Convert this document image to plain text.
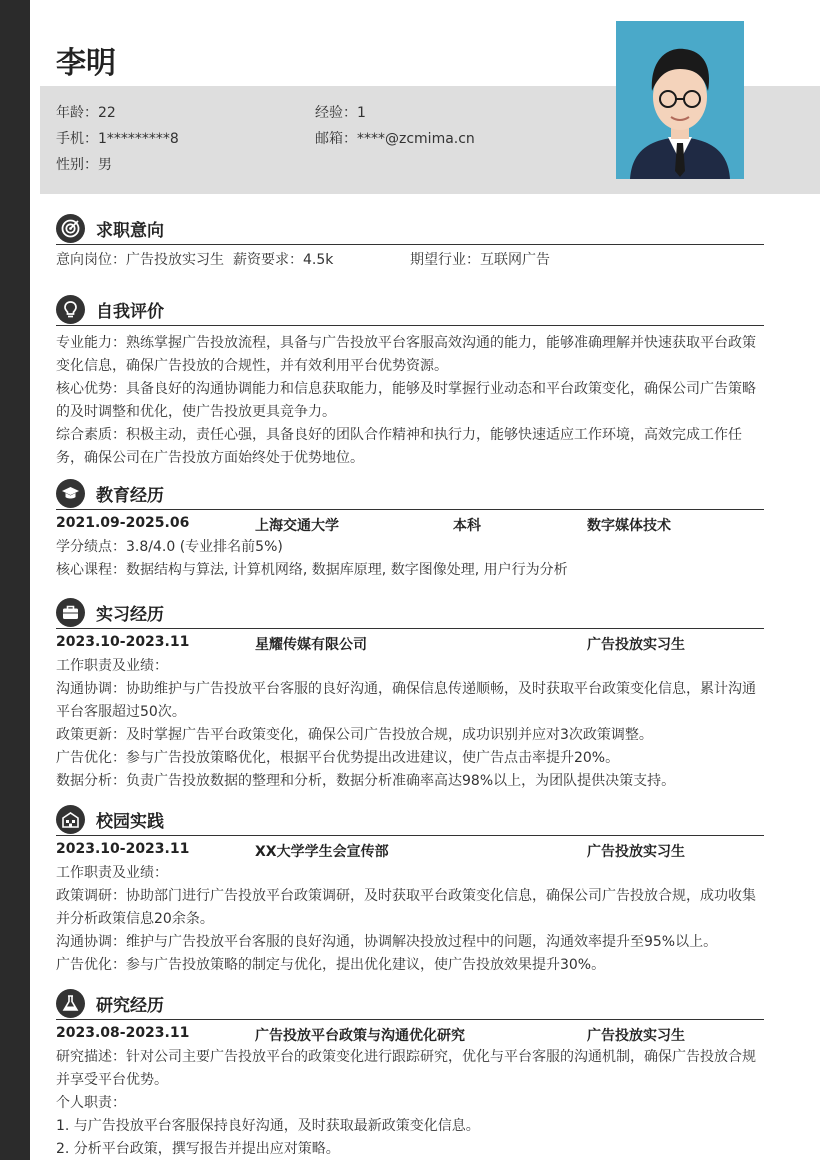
李明
年龄：22	经验：1
手机：1*********8	邮箱：****@zcmima.cn
性别：男
求职意向
意向岗位：广告投放实习生 薪资要求：4.5k	期望行业：互联网广告
自我评价
专业能力：熟练掌握广告投放流程，具备与广告投放平台客服高效沟通的能力，能够准确理解并快速获取平台政策变化信息，确保广告投放的合规性，并有效利用平台优势资源。
核心优势：具备良好的沟通协调能力和信息获取能力，能够及时掌握行业动态和平台政策变化，确保公司广告策略的及时调整和优化，使广告投放更具竞争力。
综合素质：积极主动，责任心强，具备良好的团队合作精神和执行力，能够快速适应工作环境，高效完成工作任务，确保公司在广告投放方面始终处于优势地位。
教育经历
2021.09-2025.06	上海交通大学	本科	数字媒体技术
学分绩点：3.8/4.0 (专业排名前5%)
核心课程：数据结构与算法, 计算机网络, 数据库原理, 数字图像处理, 用户行为分析
实习经历
2023.10-2023.11	星耀传媒有限公司	广告投放实习生
工作职责及业绩：
沟通协调：协助维护与广告投放平台客服的良好沟通，确保信息传递顺畅，及时获取平台政策变化信息，累计沟通平台客服超过50次。
政策更新：及时掌握广告平台政策变化，确保公司广告投放合规，成功识别并应对3次政策调整。
广告优化：参与广告投放策略优化，根据平台优势提出改进建议，使广告点击率提升20%。
数据分析：负责广告投放数据的整理和分析，数据分析准确率高达98%以上，为团队提供决策支持。
校园实践
2023.10-2023.11	XX大学学生会宣传部	广告投放实习生
工作职责及业绩：
政策调研：协助部门进行广告投放平台政策调研，及时获取平台政策变化信息，确保公司广告投放合规，成功收集并分析政策信息20余条。
沟通协调：维护与广告投放平台客服的良好沟通，协调解决投放过程中的问题，沟通效率提升至95%以上。
广告优化：参与广告投放策略的制定与优化，提出优化建议，使广告投放效果提升30%。
研究经历
2023.08-2023.11	广告投放平台政策与沟通优化研究	广告投放实习生
研究描述：针对公司主要广告投放平台的政策变化进行跟踪研究，优化与平台客服的沟通机制，确保广告投放合规并享受平台优势。
个人职责：
1. 与广告投放平台客服保持良好沟通，及时获取最新政策变化信息。
2. 分析平台政策，撰写报告并提出应对策略。
